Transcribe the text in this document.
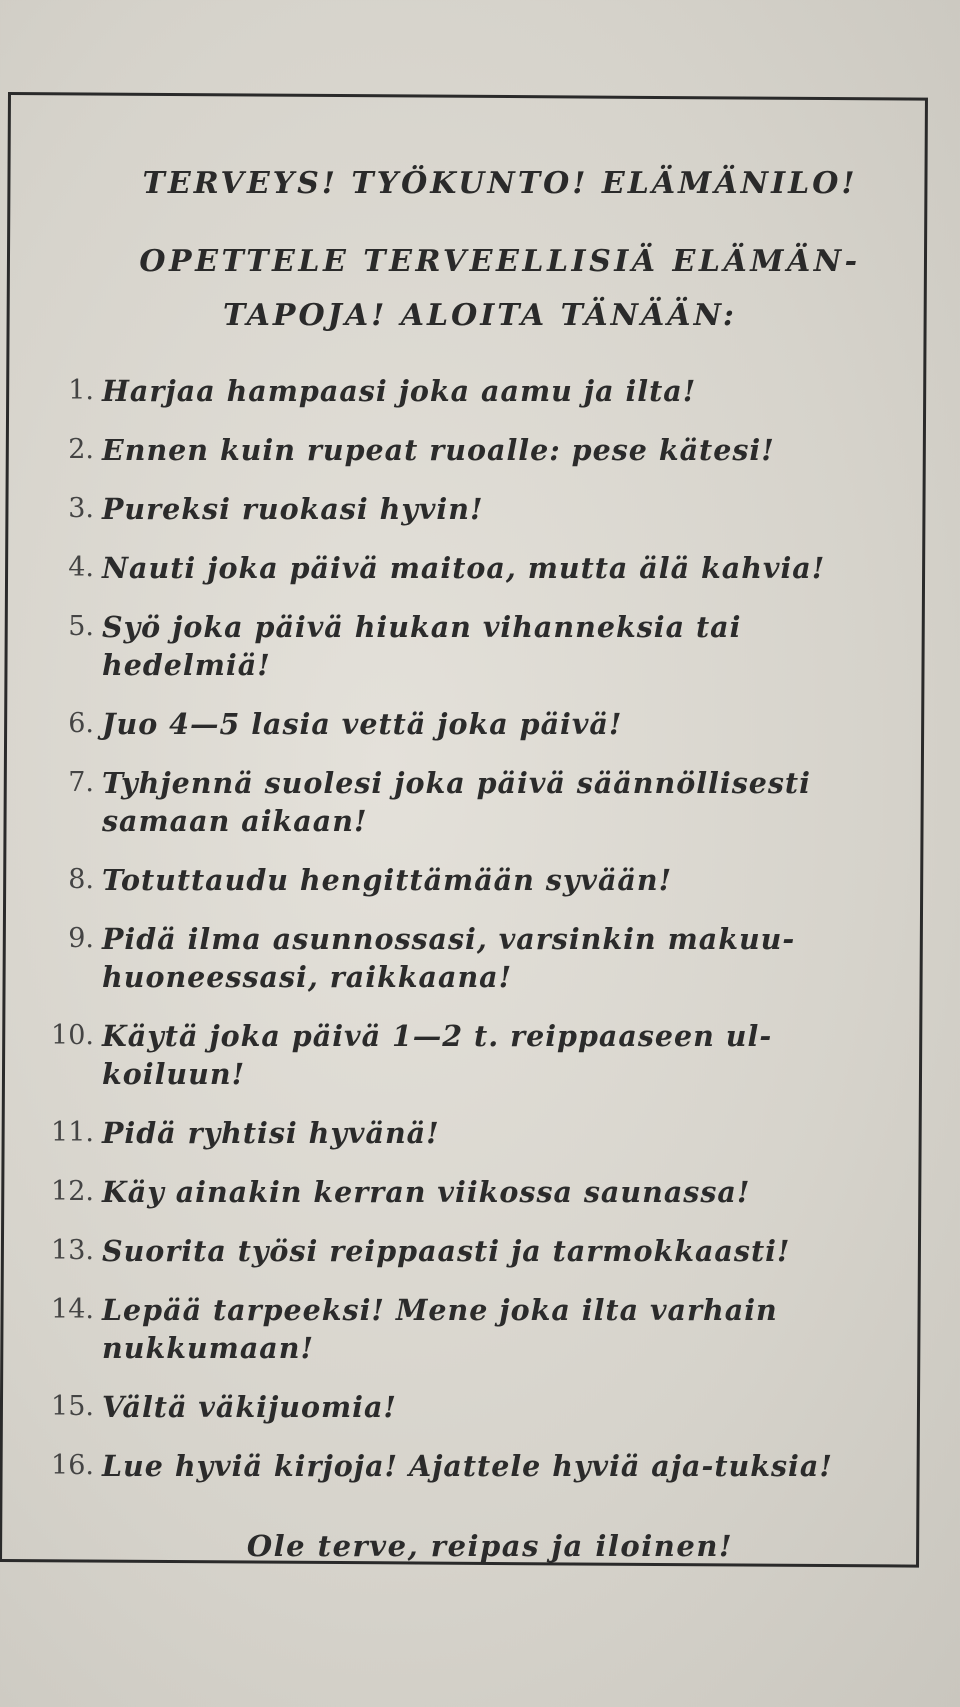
TERVEYS! TYÖKUNTO! ELÄMÄNILO!
OPETTELE TERVEELLISIÄ ELÄMÄN-
TAPOJA! ALOITA TÄNÄÄN:
1. Harjaa hampaasi joka aamu ja ilta!
2. Ennen kuin rupeat ruoalle: pese kätesi!
3. Pureksi ruokasi hyvin!
4. Nauti joka päivä maitoa, mutta älä kahvia!
5. Syö joka päivä hiukan vihanneksia tai hedelmiä!
6. Juo 4—5 lasia vettä joka päivä!
7. Tyhjennä suolesi joka päivä säännöllisesti samaan aikaan!
8. Totuttaudu hengittämään syvään!
9. Pidä ilma asunnossasi, varsinkin makuu-huoneessasi, raikkaana!
10. Käytä joka päivä 1—2 t. reippaaseen ul-koiluun!
11. Pidä ryhtisi hyvänä!
12. Käy ainakin kerran viikossa saunassa!
13. Suorita työsi reippaasti ja tarmokkaasti!
14. Lepää tarpeeksi! Mene joka ilta varhain nukkumaan!
15. Vältä väkijuomia!
16. Lue hyviä kirjoja! Ajattele hyviä aja-tuksia!

Ole terve, reipas ja iloinen!
